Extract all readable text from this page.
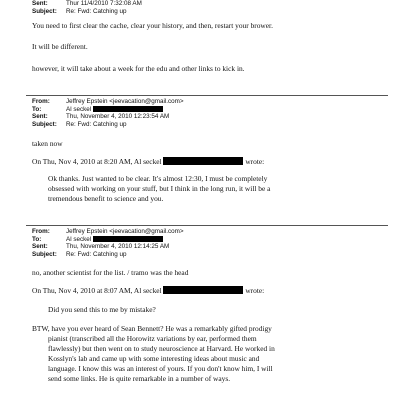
Sent:	Thur 11/4/2010 7:32:08 AM
Subject: Re: Fwd: Catching up

You need to first clear the cache, clear your history, and then, restart your brower.

It will be different.

however, it will take about a week for the edu and other links to kick in.

From:	Jeffrey Epstein <jeevacation@gmail.com>
To:	Al seckel
Sent:	Thu, November 4, 2010 12:23:54 AM
Subject: Re: Fwd: Catching up

taken now

On Thu, Nov 4, 2010 at 8:20 AM, Al seckel	wrote:

Ok thanks. Just wanted to be clear. It's almost 12:30, I must be completely

obsessed with working on your stuff, but I think in the long run, it will be a

tremendous benefit to science and you.

From:	Jeffrey Epstein <jeevacation@gmail.com>
To:	Al seckel
Sent:	Thu, November 4, 2010 12:14:25 AM
Subject: Re: Fwd: Catching up

no, another scientist for the list. / tramo was the head

On Thu, Nov 4, 2010 at 8:07 AM, Al seckel	wrote:

Did you send this to me by mistake?

BTW, have you ever heard of Sean Bennett? He was a remarkably gifted prodigy

pianist (transcribed all the Horowitz variations by ear, performed them

flawlessly) but then went on to study neuroscience at Harvard. He worked in

Kosslyn's lab and came up with some interesting ideas about music and

language. I know this was an interest of yours. If you don't know him, I will

send some links. He is quite remarkable in a number of ways.
